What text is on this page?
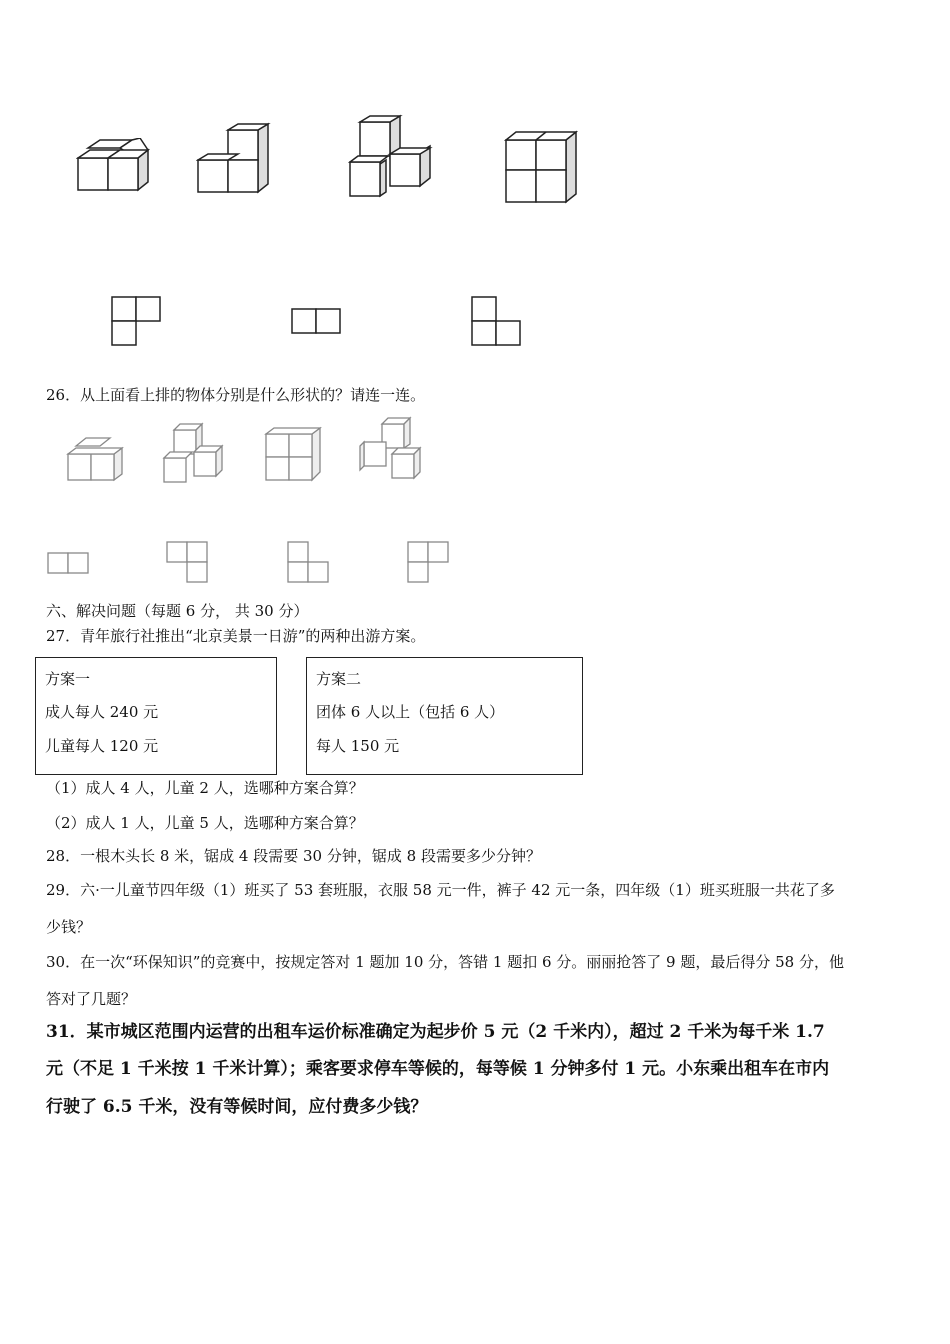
26．从上面看上排的物体分别是什么形状的？请连一连。
六、解决问题（每题 6 分， 共 30 分）
27．青年旅行社推出“北京美景一日游”的两种出游方案。
方案一
成人每人 240 元
儿童每人 120 元
方案二
团体 6 人以上（包括 6 人）
每人 150 元
（1）成人 4 人，儿童 2 人，选哪种方案合算？
（2）成人 1 人，儿童 5 人，选哪种方案合算？
28．一根木头长 8 米，锯成 4 段需要 30 分钟，锯成 8 段需要多少分钟？
29．六·一儿童节四年级（1）班买了 53 套班服，衣服 58 元一件，裤子 42 元一条，四年级（1）班买班服一共花了多
少钱？
30．在一次“环保知识”的竞赛中，按规定答对 1 题加 10 分，答错 1 题扣 6 分。丽丽抢答了 9 题，最后得分 58 分，他
答对了几题？
31．某市城区范围内运营的出租车运价标准确定为起步价 5 元（2 千米内），超过 2 千米为每千米 1.7
元（不足 1 千米按 1 千米计算）；乘客要求停车等候的，每等候 1 分钟多付 1 元。小东乘出租车在市内
行驶了 6.5 千米，没有等候时间，应付费多少钱？
